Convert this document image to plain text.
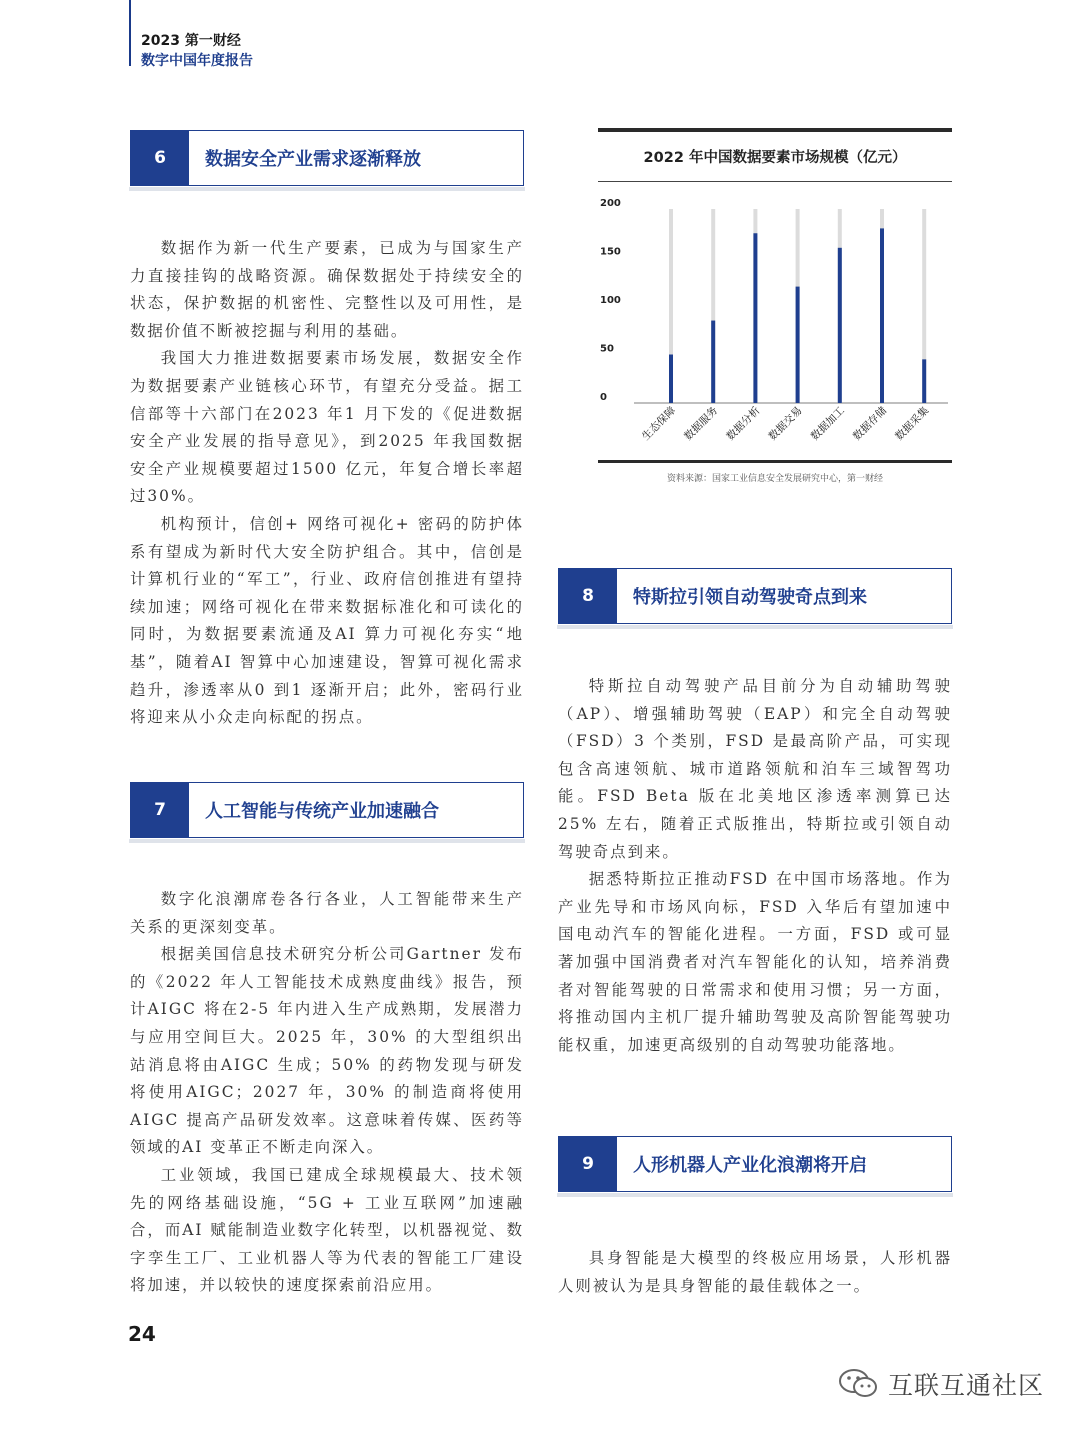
2023 第一财经
数字中国年度报告
6	数据安全产业需求逐渐释放

数据作为新一代生产要素，已成为与国家生产力直接挂钩的战略资源。确保数据处于持续安全的状态，保护数据的机密性、完整性以及可用性，是数据价值不断被挖掘与利用的基础。

我国大力推进数据要素市场发展，数据安全作为数据要素产业链核心环节，有望充分受益。据工信部等十六部门在2023 年1 月下发的《促进数据安全产业发展的指导意见》，到2025 年我国数据安全产业规模要超过1500 亿元，年复合增长率超过30%。

机构预计，信创+ 网络可视化+ 密码的防护体系有望成为新时代大安全防护组合。其中，信创是计算机行业的“军工”，行业、政府信创推进有望持续加速；网络可视化在带来数据标准化和可读化的同时，为数据要素流通及AI 算力可视化夯实“地基”，随着AI 智算中心加速建设，智算可视化需求趋升，渗透率从0 到1 逐渐开启；此外，密码行业将迎来从小众走向标配的拐点。

7	人工智能与传统产业加速融合

数字化浪潮席卷各行各业，人工智能带来生产关系的更深刻变革。

根据美国信息技术研究分析公司Gartner 发布的《2022 年人工智能技术成熟度曲线》报告，预计AIGC 将在2-5 年内进入生产成熟期，发展潜力与应用空间巨大。2025 年，30% 的大型组织出站消息将由AIGC 生成；50% 的药物发现与研发将使用AIGC；2027 年，30% 的制造商将使用AIGC 提高产品研发效率。这意味着传媒、医药等领域的AI 变革正不断走向深入。

工业领域，我国已建成全球规模最大、技术领先的网络基础设施，“5G + 工业互联网”加速融合，而AI 赋能制造业数字化转型，以机器视觉、数字孪生工厂、工业机器人等为代表的智能工厂建设将加速，并以较快的速度探索前沿应用。

2022 年中国数据要素市场规模（亿元）
0
50
100
150
200
生态保障 数据服务 数据分析 数据交易 数据加工 数据存储 数据采集
资料来源：国家工业信息安全发展研究中心，第一财经
8	特斯拉引领自动驾驶奇点到来

特斯拉自动驾驶产品目前分为自动辅助驾驶（AP）、增强辅助驾驶（EAP）和完全自动驾驶（FSD）3 个类别，FSD 是最高阶产品，可实现包含高速领航、城市道路领航和泊车三域智驾功能。FSD Beta 版在北美地区渗透率测算已达25% 左右，随着正式版推出，特斯拉或引领自动驾驶奇点到来。

据悉特斯拉正推动FSD 在中国市场落地。作为产业先导和市场风向标，FSD 入华后有望加速中国电动汽车的智能化进程。一方面，FSD 或可显著加强中国消费者对汽车智能化的认知，培养消费者对智能驾驶的日常需求和使用习惯；另一方面，将推动国内主机厂提升辅助驾驶及高阶智能驾驶功能权重，加速更高级别的自动驾驶功能落地。

9	人形机器人产业化浪潮将开启

具身智能是大模型的终极应用场景，人形机器人则被认为是具身智能的最佳载体之一。

24
互联互通社区
